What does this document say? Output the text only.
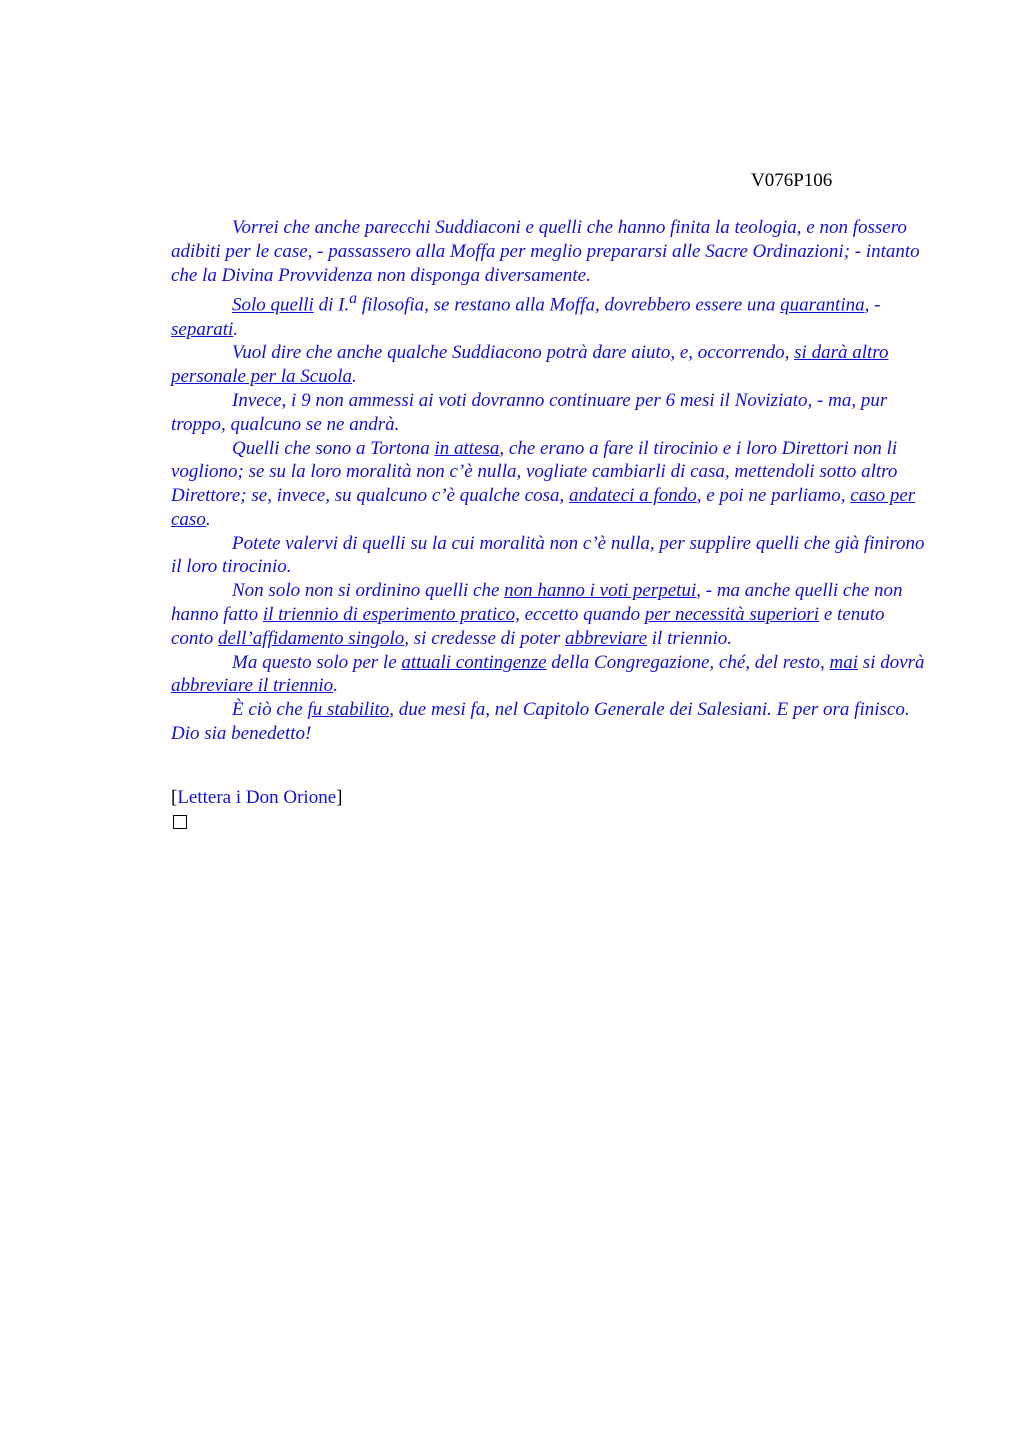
V076P106

Vorrei che anche parecchi Suddiaconi e quelli che hanno finita la teologia, e non fossero adibiti per le case, - passassero alla Moffa per meglio prepararsi alle Sacre Ordinazioni; - intanto che la Divina Provvidenza non disponga diversamente.

Solo quelli di I.$^a$ filosofia, se restano alla Moffa, dovrebbero essere una quarantina, - separati.

Vuol dire che anche qualche Suddiacono potrà dare aiuto, e, occorrendo, si darà altro personale per la Scuola.

Invece, i 9 non ammessi ai voti dovranno continuare per 6 mesi il Noviziato, - ma, pur troppo, qualcuno se ne andrà.

Quelli che sono a Tortona in attesa, che erano a fare il tirocinio e i loro Direttori non li vogliono; se su la loro moralità non c’è nulla, vogliate cambiarli di casa, mettendoli sotto altro Direttore; se, invece, su qualcuno c’è qualche cosa, andateci a fondo, e poi ne parliamo, caso per caso.

Potete valervi di quelli su la cui moralità non c’è nulla, per supplire quelli che già finirono il loro tirocinio.

Non solo non si ordinino quelli che non hanno i voti perpetui, - ma anche quelli che non hanno fatto il triennio di esperimento pratico, eccetto quando per necessità superiori e tenuto conto dell’affidamento singolo, si credesse di poter abbreviare il triennio.

Ma questo solo per le attuali contingenze della Congregazione, ché, del resto, mai si dovrà abbreviare il triennio.

È ciò che fu stabilito, due mesi fa, nel Capitolo Generale dei Salesiani. E per ora finisco. Dio sia benedetto!

[Lettera i Don Orione]
